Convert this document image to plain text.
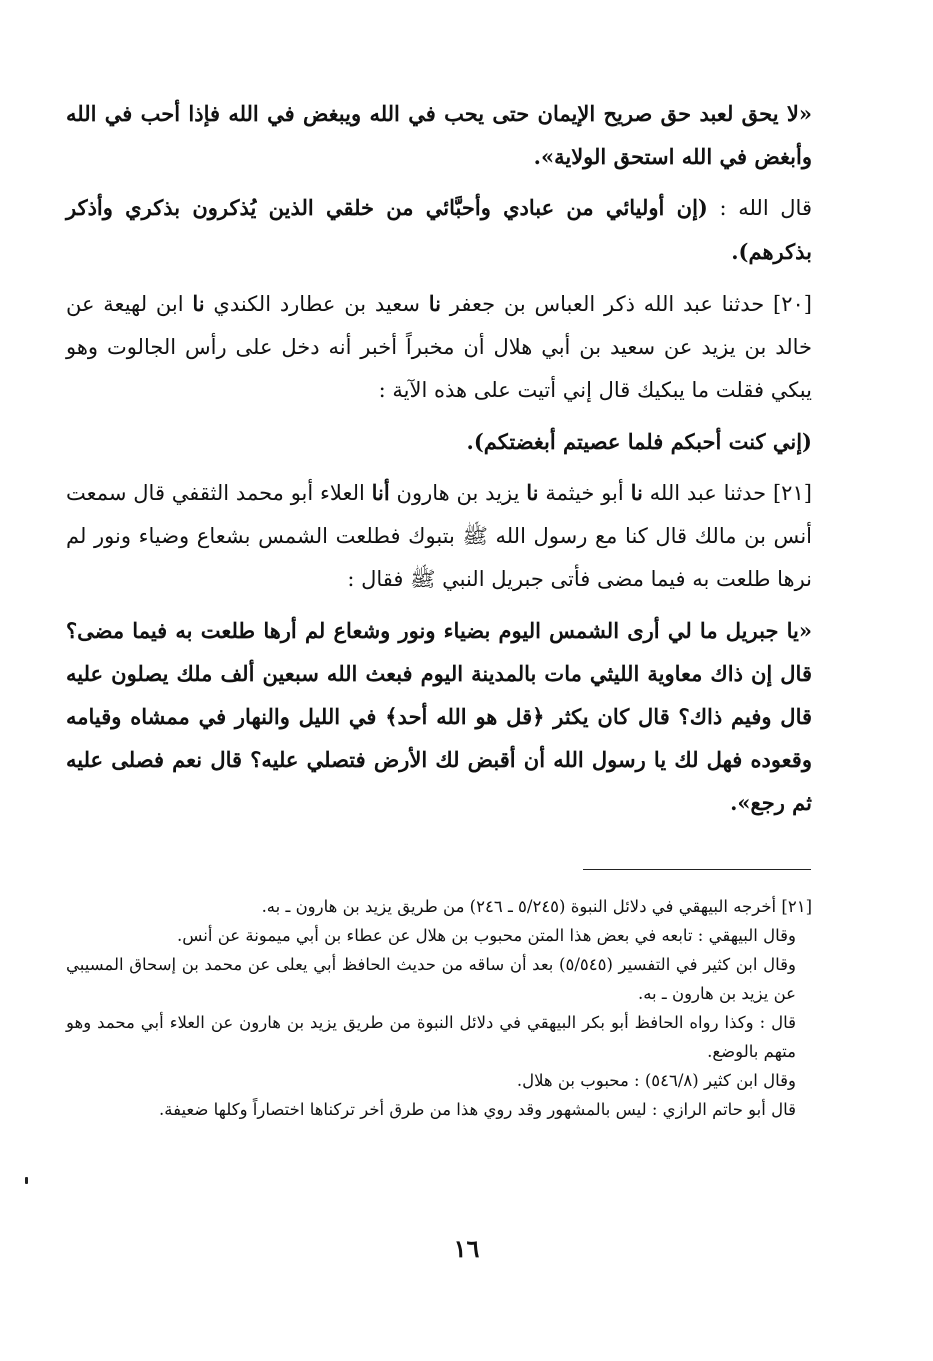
«لا يحق لعبد حق صريح الإيمان حتى يحب في الله ويبغض في الله فإذا أحب في الله وأبغض في الله استحق الولاية».

قال الله : (إن أوليائي من عبادي وأحبَّائي من خلقي الذين يُذكرون بذكري وأذكر بذكرهم).

[٢٠] حدثنا عبد الله ذكر العباس بن جعفر نا سعيد بن عطارد الكندي نا ابن لهيعة عن خالد بن يزيد عن سعيد بن أبي هلال أن مخبراً أخبر أنه دخل على رأس الجالوت وهو يبكي فقلت ما يبكيك قال إني أتيت على هذه الآية :

(إني كنت أحبكم فلما عصيتم أبغضتكم).

[٢١] حدثنا عبد الله نا أبو خيثمة نا يزيد بن هارون أنا العلاء أبو محمد الثقفي قال سمعت أنس بن مالك قال كنا مع رسول الله ﷺ بتبوك فطلعت الشمس بشعاع وضياء ونور لم نرها طلعت به فيما مضى فأتى جبريل النبي ﷺ فقال :

«يا جبريل ما لي أرى الشمس اليوم بضياء ونور وشعاع لم أرها طلعت به فيما مضى؟ قال إن ذاك معاوية الليثي مات بالمدينة اليوم فبعث الله سبعين ألف ملك يصلون عليه قال وفيم ذاك؟ قال كان يكثر ﴿قل هو الله أحد﴾ في الليل والنهار في ممشاه وقيامه وقعوده فهل لك يا رسول الله أن أقبض لك الأرض فتصلي عليه؟ قال نعم فصلى عليه ثم رجع».

[٢١] أخرجه البيهقي في دلائل النبوة (٥/٢٤٥ ـ ٢٤٦) من طريق يزيد بن هارون ـ به.

وقال البيهقي : تابعه في بعض هذا المتن محبوب بن هلال عن عطاء بن أبي ميمونة عن أنس.

وقال ابن كثير في التفسير (٥/٥٤٥) بعد أن ساقه من حديث الحافظ أبي يعلى عن محمد بن إسحاق المسيبي عن يزيد بن هارون ـ به.

قال : وكذا رواه الحافظ أبو بكر البيهقي في دلائل النبوة من طريق يزيد بن هارون عن العلاء أبي محمد وهو متهم بالوضع.

وقال ابن كثير (٥٤٦/٨) : محبوب بن هلال.

قال أبو حاتم الرازي : ليس بالمشهور وقد روي هذا من طرق أخر تركناها اختصاراً وكلها ضعيفة.

١٦
